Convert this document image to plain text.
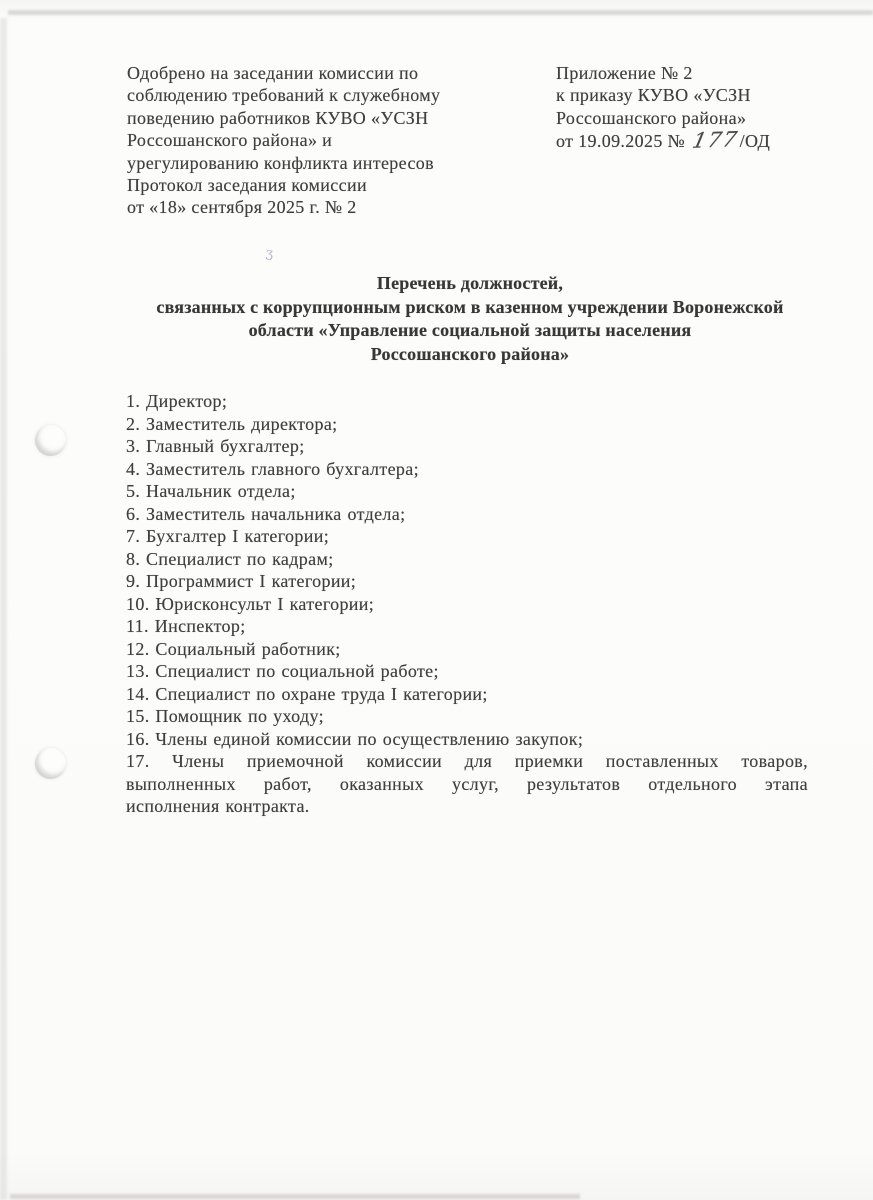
ʒ
Одобрено на заседании комиссии по
соблюдению требований к служебному
поведению работников КУВО «УСЗН
Россошанского района» и
урегулированию конфликта интересов
Протокол заседания комиссии
от «18» сентября 2025 г. № 2
Приложение № 2
к приказу КУВО «УСЗН
Россошанского района»
от 19.09.2025 № 177/ОД
Перечень должностей,
связанных с коррупционным риском в казенном учреждении Воронежской
области «Управление социальной защиты населения
Россошанского района»
1. Директор;
2. Заместитель директора;
3. Главный бухгалтер;
4. Заместитель главного бухгалтера;
5. Начальник отдела;
6. Заместитель начальника отдела;
7. Бухгалтер I категории;
8. Специалист по кадрам;
9. Программист I категории;
10. Юрисконсульт I категории;
11. Инспектор;
12. Социальный работник;
13. Специалист по социальной работе;
14. Специалист по охране труда I категории;
15. Помощник по уходу;
16. Члены единой комиссии по осуществлению закупок;
17. Члены приемочной комиссии для приемки поставленных товаров,
выполненных работ, оказанных услуг, результатов отдельного этапа
исполнения контракта.
